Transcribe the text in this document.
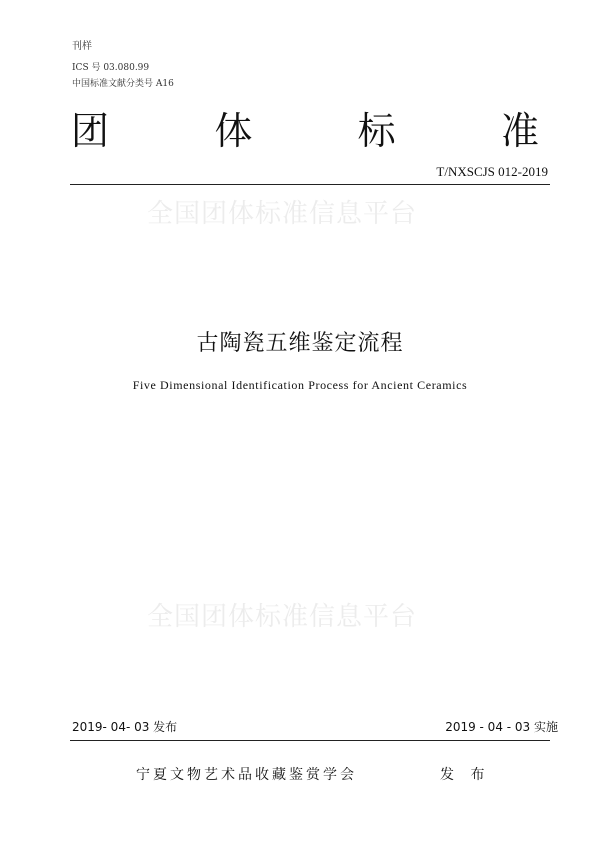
刊样
ICS 号 03.080.99
中国标准文献分类号 A16
团	体	标	准
T/NXSCJS 012-2019
全国团体标准信息平台
古陶瓷五维鉴定流程
Five Dimensional Identification Process for Ancient Ceramics
全国团体标准信息平台
2019- 04- 03 发布	2019 - 04 - 03 实施
宁夏文物艺术品收藏鉴赏学会	发 布
